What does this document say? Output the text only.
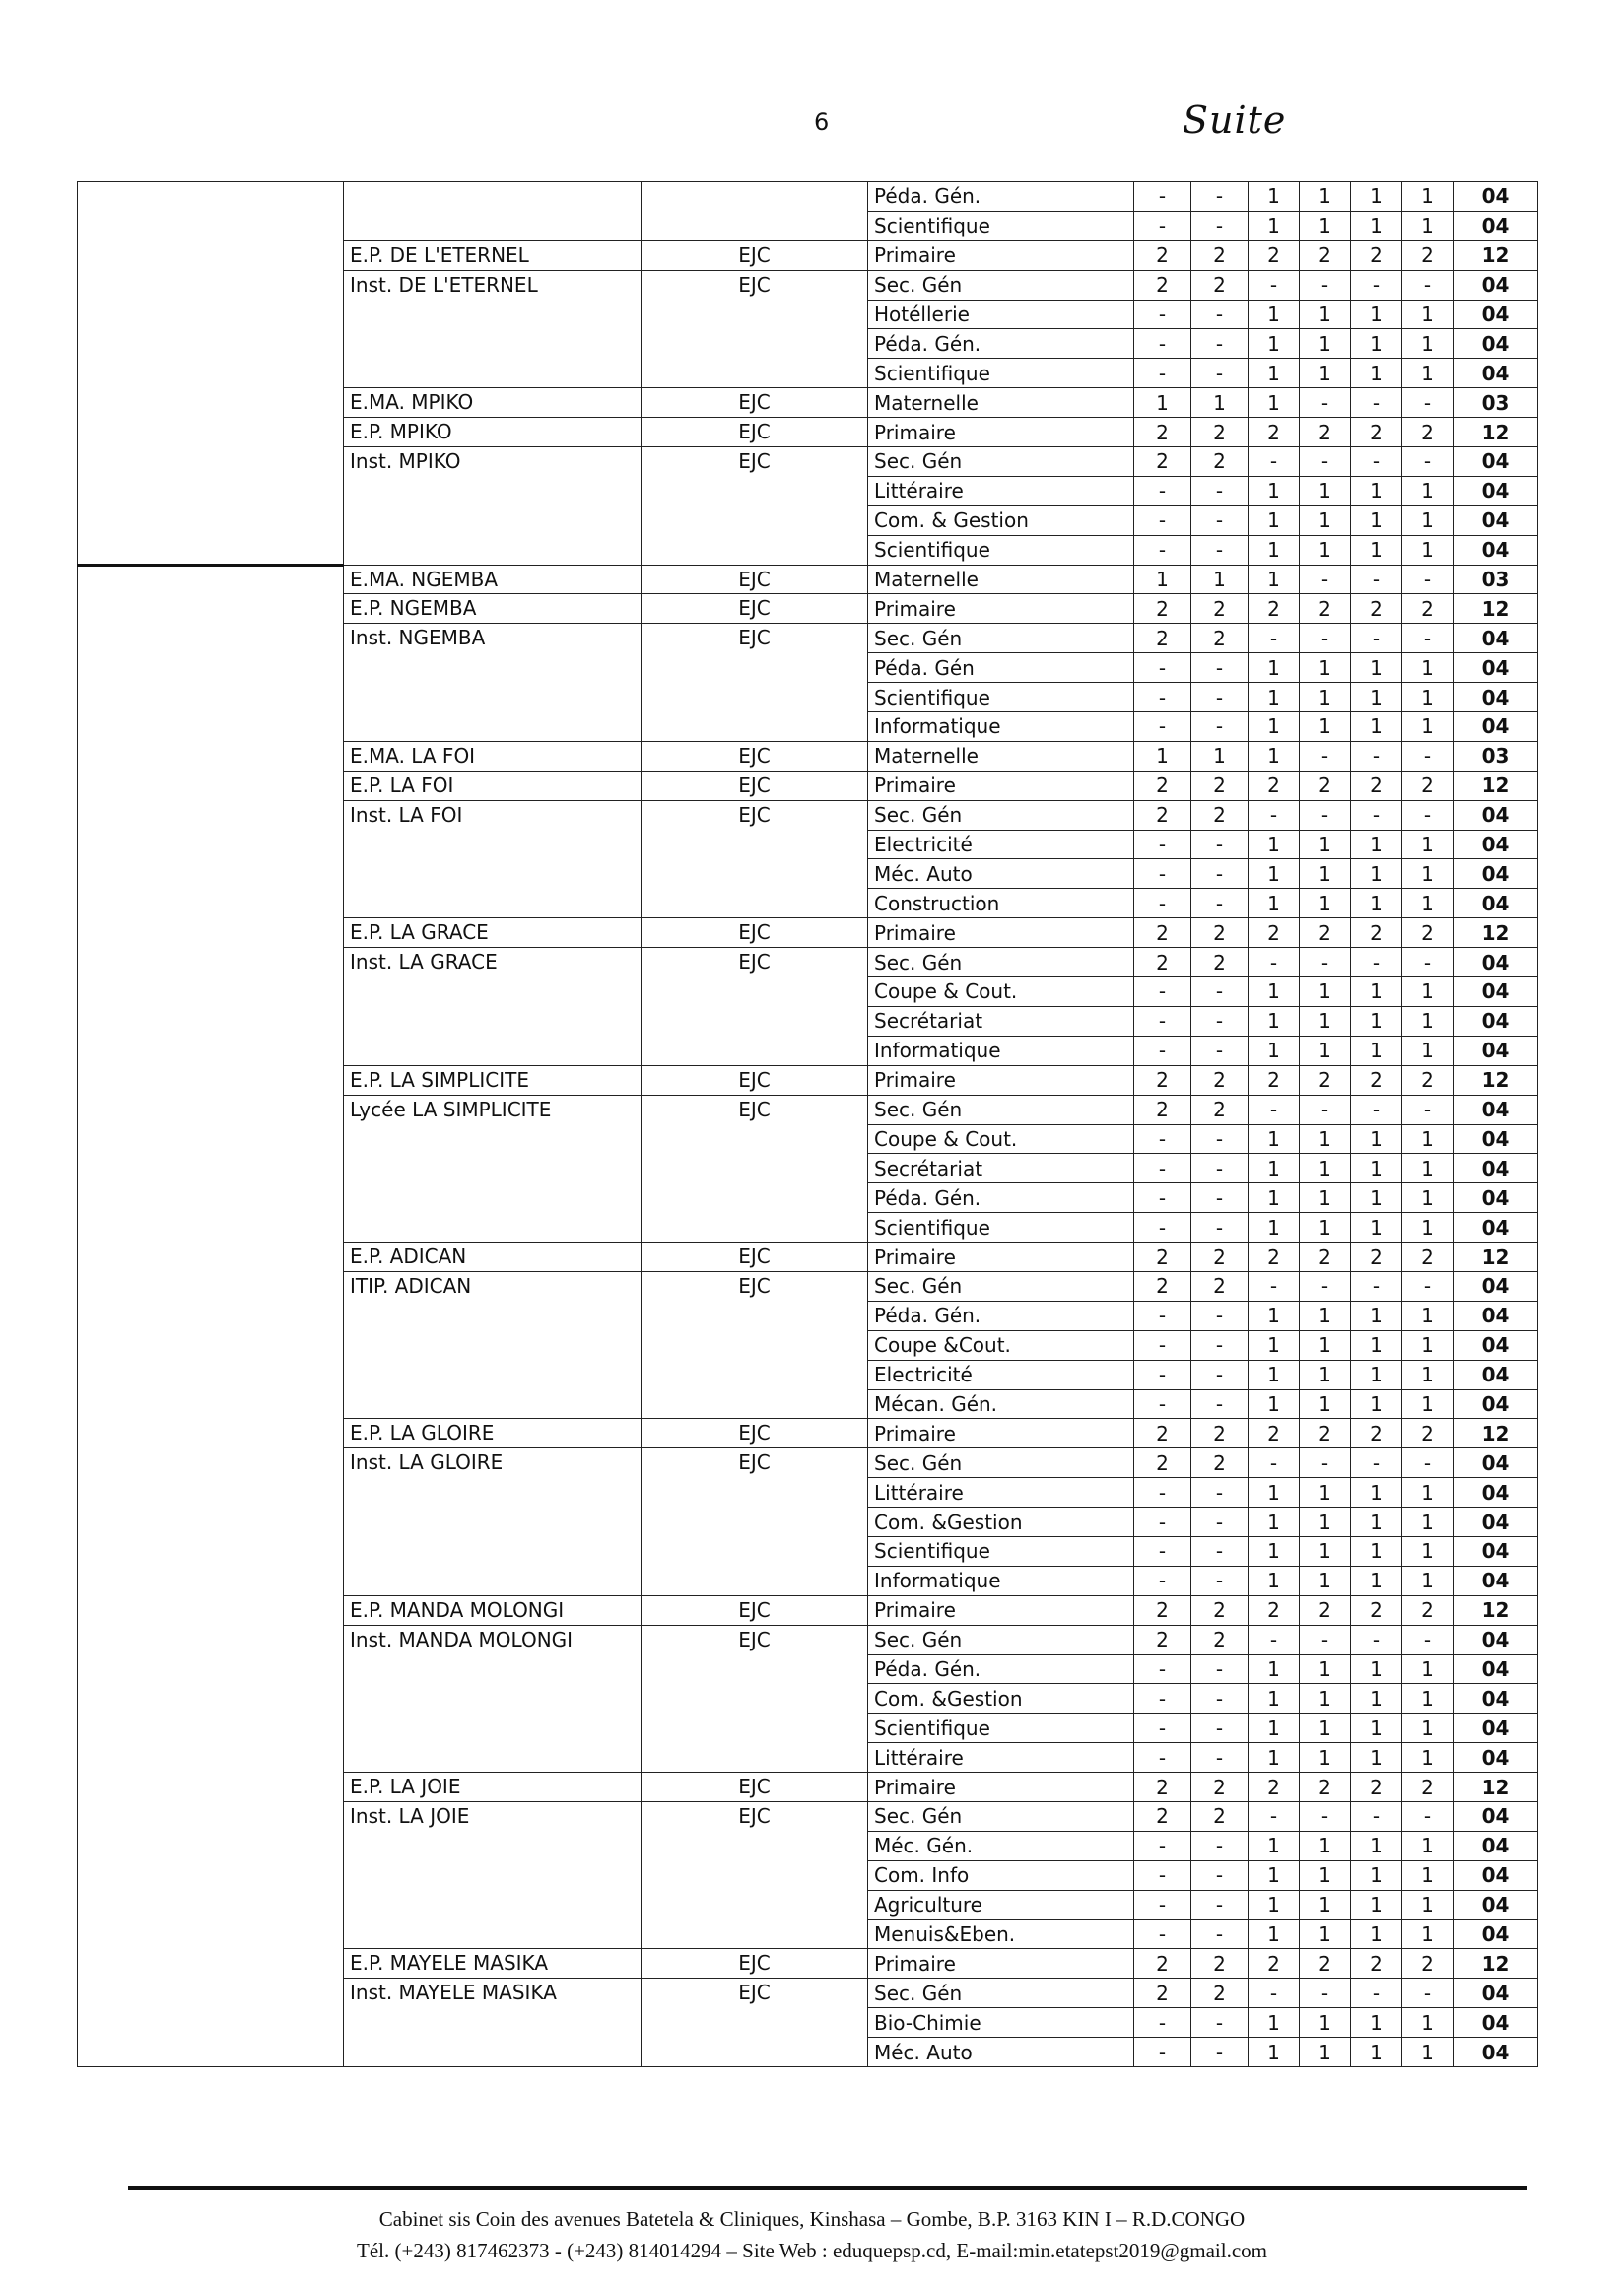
6	Suite
			Péda. Gén.	-	-	1	1	1	1	04
			Scientifique	-	-	1	1	1	1	04
	E.P. DE L'ETERNEL	EJC	Primaire	2	2	2	2	2	2	12
	Inst. DE L'ETERNEL	EJC	Sec. Gén	2	2	-	-	-	-	04
			Hotéllerie	-	-	1	1	1	1	04
			Péda. Gén.	-	-	1	1	1	1	04
			Scientifique	-	-	1	1	1	1	04
	E.MA. MPIKO	EJC	Maternelle	1	1	1	-	-	-	03
	E.P. MPIKO	EJC	Primaire	2	2	2	2	2	2	12
	Inst. MPIKO	EJC	Sec. Gén	2	2	-	-	-	-	04
			Littéraire	-	-	1	1	1	1	04
			Com. & Gestion	-	-	1	1	1	1	04
			Scientifique	-	-	1	1	1	1	04
	E.MA. NGEMBA	EJC	Maternelle	1	1	1	-	-	-	03
	E.P. NGEMBA	EJC	Primaire	2	2	2	2	2	2	12
	Inst. NGEMBA	EJC	Sec. Gén	2	2	-	-	-	-	04
			Péda. Gén	-	-	1	1	1	1	04
			Scientifique	-	-	1	1	1	1	04
			Informatique	-	-	1	1	1	1	04
	E.MA. LA FOI	EJC	Maternelle	1	1	1	-	-	-	03
	E.P. LA FOI	EJC	Primaire	2	2	2	2	2	2	12
	Inst. LA FOI	EJC	Sec. Gén	2	2	-	-	-	-	04
			Electricité	-	-	1	1	1	1	04
			Méc. Auto	-	-	1	1	1	1	04
			Construction	-	-	1	1	1	1	04
	E.P. LA GRACE	EJC	Primaire	2	2	2	2	2	2	12
	Inst. LA GRACE	EJC	Sec. Gén	2	2	-	-	-	-	04
			Coupe & Cout.	-	-	1	1	1	1	04
			Secrétariat	-	-	1	1	1	1	04
			Informatique	-	-	1	1	1	1	04
	E.P. LA SIMPLICITE	EJC	Primaire	2	2	2	2	2	2	12
	Lycée LA SIMPLICITE	EJC	Sec. Gén	2	2	-	-	-	-	04
			Coupe & Cout.	-	-	1	1	1	1	04
			Secrétariat	-	-	1	1	1	1	04
			Péda. Gén.	-	-	1	1	1	1	04
			Scientifique	-	-	1	1	1	1	04
	E.P. ADICAN	EJC	Primaire	2	2	2	2	2	2	12
	ITIP. ADICAN	EJC	Sec. Gén	2	2	-	-	-	-	04
			Péda. Gén.	-	-	1	1	1	1	04
			Coupe &Cout.	-	-	1	1	1	1	04
			Electricité	-	-	1	1	1	1	04
			Mécan. Gén.	-	-	1	1	1	1	04
	E.P. LA GLOIRE	EJC	Primaire	2	2	2	2	2	2	12
	Inst. LA GLOIRE	EJC	Sec. Gén	2	2	-	-	-	-	04
			Littéraire	-	-	1	1	1	1	04
			Com. &Gestion	-	-	1	1	1	1	04
			Scientifique	-	-	1	1	1	1	04
			Informatique	-	-	1	1	1	1	04
	E.P. MANDA MOLONGI	EJC	Primaire	2	2	2	2	2	2	12
	Inst. MANDA MOLONGI	EJC	Sec. Gén	2	2	-	-	-	-	04
			Péda. Gén.	-	-	1	1	1	1	04
			Com. &Gestion	-	-	1	1	1	1	04
			Scientifique	-	-	1	1	1	1	04
			Littéraire	-	-	1	1	1	1	04
	E.P. LA JOIE	EJC	Primaire	2	2	2	2	2	2	12
	Inst. LA JOIE	EJC	Sec. Gén	2	2	-	-	-	-	04
			Méc. Gén.	-	-	1	1	1	1	04
			Com. Info	-	-	1	1	1	1	04
			Agriculture	-	-	1	1	1	1	04
			Menuis&Eben.	-	-	1	1	1	1	04
	E.P. MAYELE MASIKA	EJC	Primaire	2	2	2	2	2	2	12
	Inst. MAYELE MASIKA	EJC	Sec. Gén	2	2	-	-	-	-	04
			Bio-Chimie	-	-	1	1	1	1	04
			Méc. Auto	-	-	1	1	1	1	04
Cabinet sis Coin des avenues Batetela & Cliniques, Kinshasa – Gombe, B.P. 3163 KIN I – R.D.CONGO
Tél. (+243) 817462373 - (+243) 814014294 – Site Web : eduquepsp.cd, E-mail:min.etatepst2019@gmail.com
